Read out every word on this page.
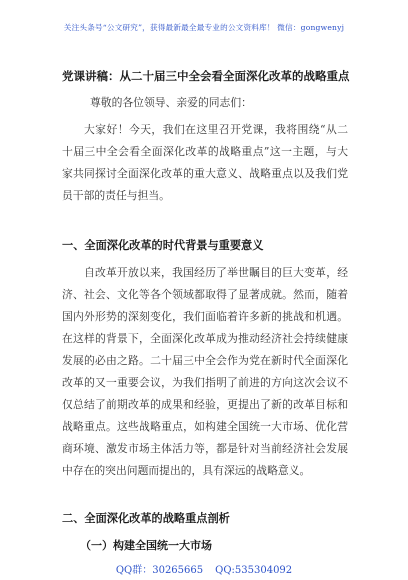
关注头条号“公文研究”，获得最新最全最专业的公文资料库！ 微信：gongwenyj
党课讲稿：从二十届三中全会看全面深化改革的战略重点
尊敬的各位领导、亲爱的同志们：
大家好！今天，我们在这里召开党课，我将围绕“从二十届三中全会看全面深化改革的战略重点”这一主题，与大家共同探讨全面深化改革的重大意义、战略重点以及我们党员干部的责任与担当。
一、全面深化改革的时代背景与重要意义
自改革开放以来，我国经历了举世瞩目的巨大变革，经济、社会、文化等各个领域都取得了显著成就。然而，随着国内外形势的深刻变化，我们面临着许多新的挑战和机遇。在这样的背景下，全面深化改革成为推动经济社会持续健康发展的必由之路。二十届三中全会作为党在新时代全面深化改革的又一重要会议，为我们指明了前进的方向这次会议不仅总结了前期改革的成果和经验，更提出了新的改革目标和战略重点。这些战略重点，如构建全国统一大市场、优化营商环境、激发市场主体活力等，都是针对当前经济社会发展中存在的突出问题而提出的，具有深远的战略意义。
二、全面深化改革的战略重点剖析
（一）构建全国统一大市场
QQ群：30265665 QQ:535304092
